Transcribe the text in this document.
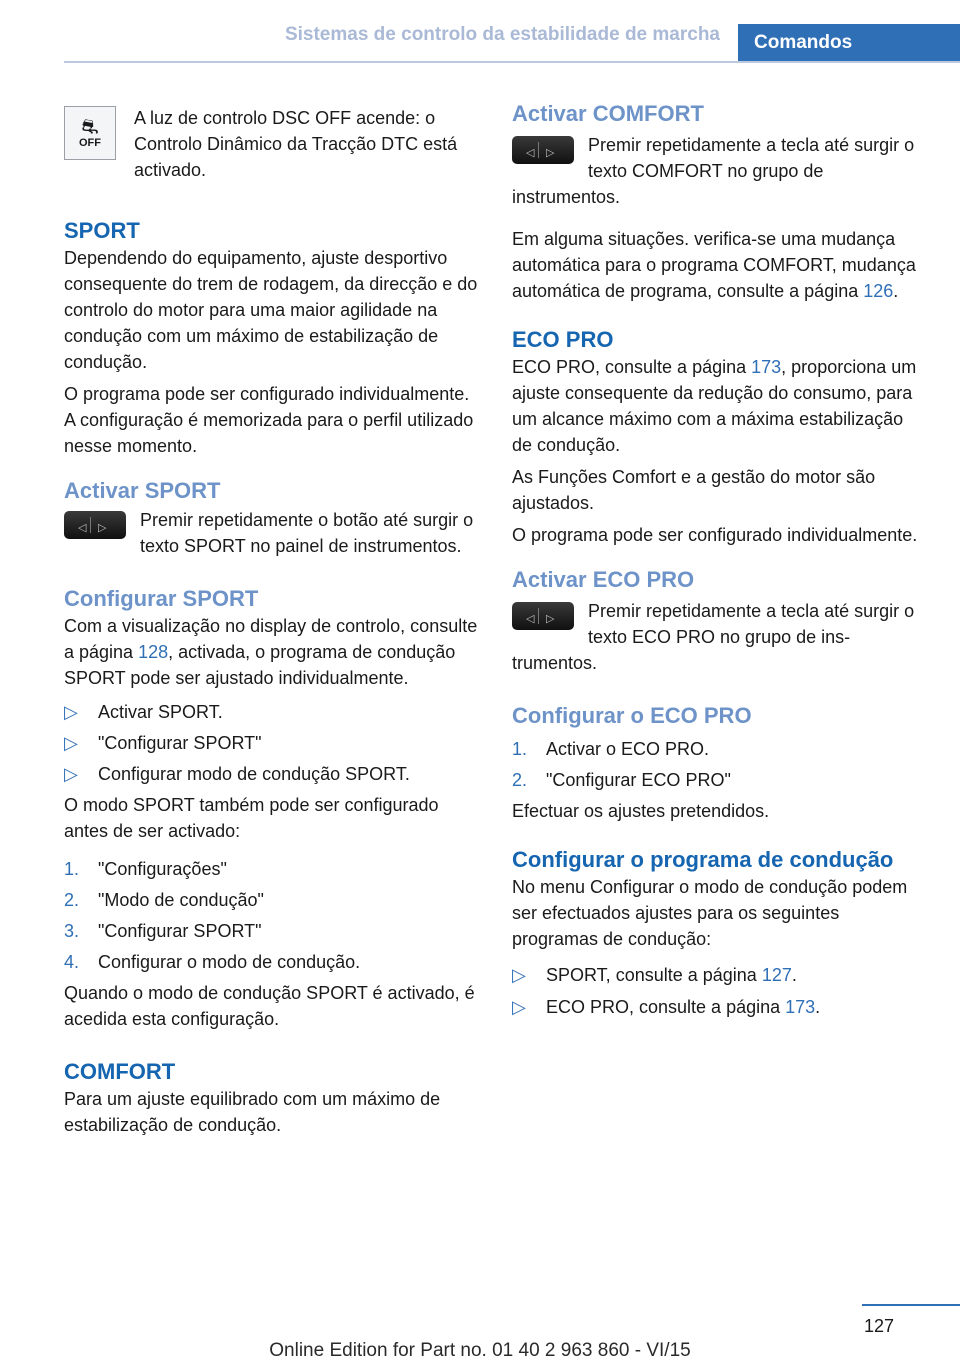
Sistemas de controlo da estabilidade de marcha	Comandos
⛐
OFF

A luz de controlo DSC OFF acende: o Controlo Dinâmico da Tracção DTC está activado.

SPORT

Dependendo do equipamento, ajuste desportivo consequente do trem de rodagem, da direcção e do controlo do motor para uma maior agilidade na condução com um máximo de estabilização de condução.

O programa pode ser configurado individualmente. A configuração é memorizada para o perfil utilizado nesse momento.

Activar SPORT
◁ ▷	Premir repetidamente o botão até surgir o texto SPORT no painel de instrumentos.

Configurar SPORT

Com a visualização no display de controlo, consulte a página 128, activada, o programa de condução SPORT pode ser ajustado individualmente.

▷	Activar SPORT.
▷	"Configurar SPORT"
▷	Configurar modo de condução SPORT.

O modo SPORT também pode ser configurado antes de ser activado:

1.	"Configurações"
2.	"Modo de condução"
3.	"Configurar SPORT"
4.	Configurar o modo de condução.

Quando o modo de condução SPORT é activado, é acedida esta configuração.

COMFORT

Para um ajuste equilibrado com um máximo de estabilização de condução.

Activar COMFORT
◁ ▷	Premir repetidamente a tecla até surgir o texto COMFORT no grupo de instrumentos.

Em alguma situações. verifica-se uma mudança automática para o programa COMFORT, mudança automática de programa, consulte a página 126.

ECO PRO

ECO PRO, consulte a página 173, proporciona um ajuste consequente da redução do consumo, para um alcance máximo com a máxima estabilização de condução.

As Funções Comfort e a gestão do motor são ajustados.

O programa pode ser configurado individualmente.

Activar ECO PRO
◁ ▷	Premir repetidamente a tecla até surgir o texto ECO PRO no grupo de instrumentos.

Configurar o ECO PRO
1.	Activar o ECO PRO.
2.	"Configurar ECO PRO"

Efectuar os ajustes pretendidos.

Configurar o programa de condução

No menu Configurar o modo de condução podem ser efectuados ajustes para os seguintes programas de condução:

▷	SPORT, consulte a página 127.
▷	ECO PRO, consulte a página 173.
127
Online Edition for Part no. 01 40 2 963 860 - VI/15
